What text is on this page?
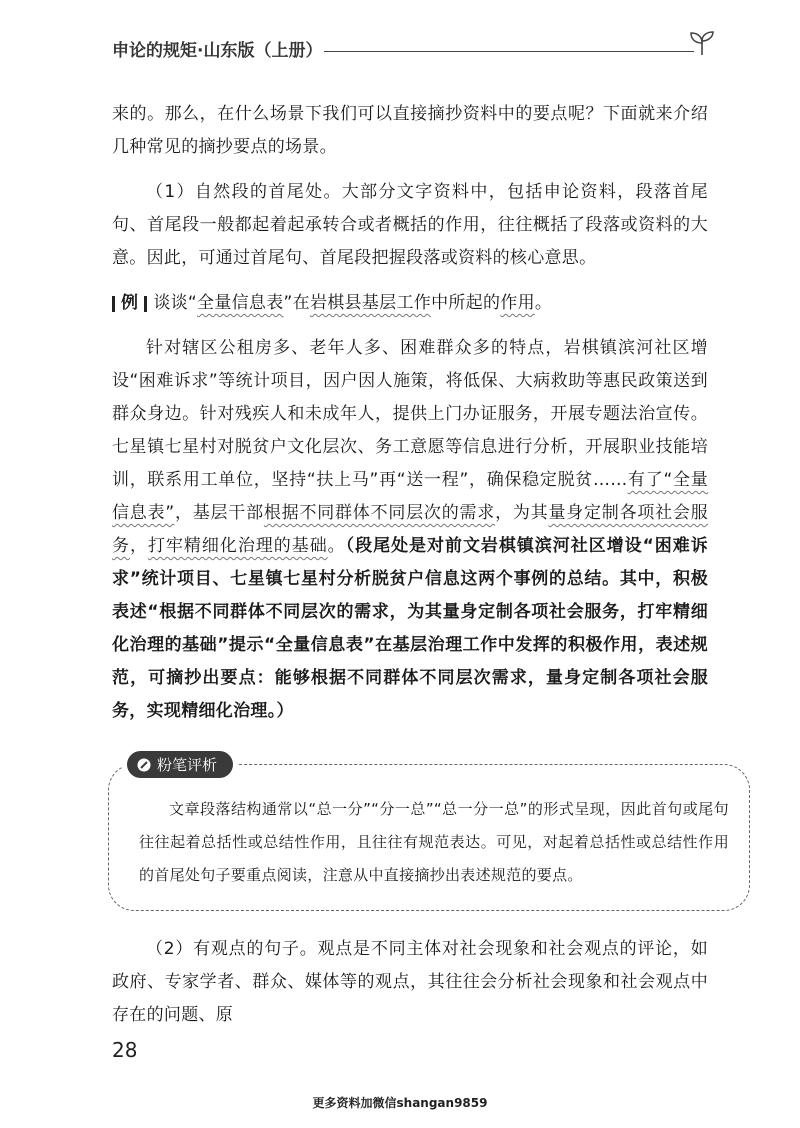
申论的规矩·山东版（上册）

来的。那么，在什么场景下我们可以直接摘抄资料中的要点呢？下面就来介绍几种常见的摘抄要点的场景。

（1）自然段的首尾处。大部分文字资料中，包括申论资料，段落首尾句、首尾段一般都起着起承转合或者概括的作用，往往概括了段落或资料的大意。因此，可通过首尾句、首尾段把握段落或资料的核心意思。

例 谈谈“全量信息表”在岩棋县基层工作中所起的作用。

针对辖区公租房多、老年人多、困难群众多的特点，岩棋镇滨河社区增设“困难诉求”等统计项目，因户因人施策，将低保、大病救助等惠民政策送到群众身边。针对残疾人和未成年人，提供上门办证服务，开展专题法治宣传。七星镇七星村对脱贫户文化层次、务工意愿等信息进行分析，开展职业技能培训，联系用工单位，坚持“扶上马”再“送一程”，确保稳定脱贫……有了“全量信息表”，基层干部根据不同群体不同层次的需求，为其量身定制各项社会服务，打牢精细化治理的基础。（段尾处是对前文岩棋镇滨河社区增设“困难诉求”统计项目、七星镇七星村分析脱贫户信息这两个事例的总结。其中，积极表述“根据不同群体不同层次的需求，为其量身定制各项社会服务，打牢精细化治理的基础”提示“全量信息表”在基层治理工作中发挥的积极作用，表述规范，可摘抄出要点：能够根据不同群体不同层次需求，量身定制各项社会服务，实现精细化治理。）

粉笔评析

文章段落结构通常以“总一分”“分一总”“总一分一总”的形式呈现，因此首句或尾句往往起着总括性或总结性作用，且往往有规范表达。可见，对起着总括性或总结性作用的首尾处句子要重点阅读，注意从中直接摘抄出表述规范的要点。

（2）有观点的句子。观点是不同主体对社会现象和社会观点的评论，如政府、专家学者、群众、媒体等的观点，其往往会分析社会现象和社会观点中存在的问题、原

28
更多资料加微信shangan9859
